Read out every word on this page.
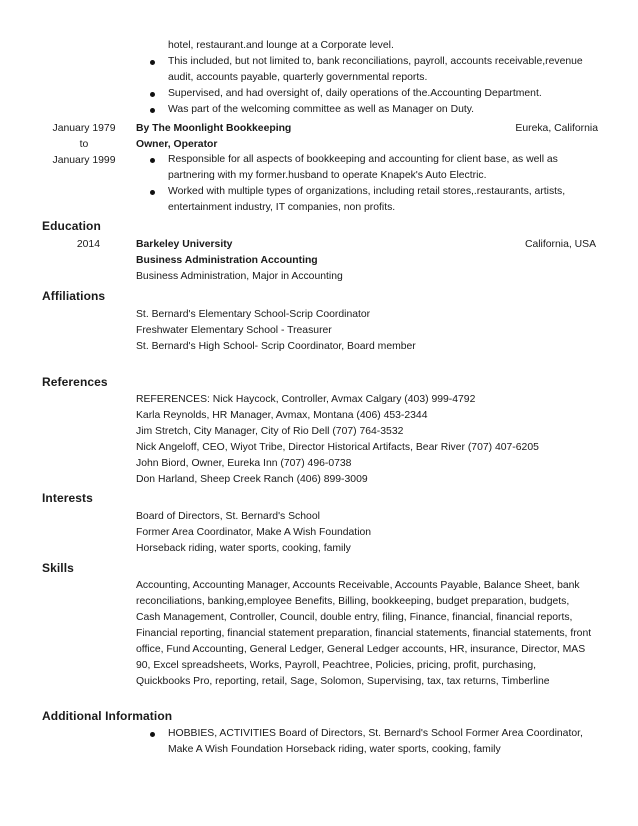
hotel, restaurant.and lounge at a Corporate level.
This included, but not limited to, bank reconciliations, payroll, accounts receivable,revenue audit, accounts payable, quarterly governmental reports.
Supervised, and had oversight of, daily operations of the.Accounting Department.
Was part of the welcoming committee as well as Manager on Duty.
January 1979
to
January 1999
By The Moonlight Bookkeeping	Eureka, California
Owner, Operator
Responsible for all aspects of bookkeeping and accounting for client base, as well as partnering with my former.husband to operate Knapek's Auto Electric.
Worked with multiple types of organizations, including retail stores,.restaurants, artists, entertainment industry, IT companies, non profits.
Education
2014	Barkeley University	California, USA
Business Administration Accounting
Business Administration, Major in Accounting
Affiliations
St. Bernard's Elementary School-Scrip Coordinator
Freshwater Elementary School - Treasurer
St. Bernard's High School- Scrip Coordinator, Board member
References
REFERENCES: Nick Haycock, Controller, Avmax Calgary (403) 999-4792
Karla Reynolds, HR Manager, Avmax, Montana (406) 453-2344
Jim Stretch, City Manager, City of Rio Dell (707) 764-3532
Nick Angeloff, CEO, Wiyot Tribe, Director Historical Artifacts, Bear River (707) 407-6205
John Biord, Owner, Eureka Inn (707) 496-0738
Don Harland, Sheep Creek Ranch (406) 899-3009
Interests
Board of Directors, St. Bernard's School
Former Area Coordinator, Make A Wish Foundation
Horseback riding, water sports, cooking, family
Skills
Accounting, Accounting Manager, Accounts Receivable, Accounts Payable, Balance Sheet, bank reconciliations, banking,employee Benefits, Billing, bookkeeping, budget preparation, budgets, Cash Management, Controller, Council, double entry, filing, Finance, financial, financial reports, Financial reporting, financial statement preparation, financial statements, financial statements, front office, Fund Accounting, General Ledger, General Ledger accounts, HR, insurance, Director, MAS 90, Excel spreadsheets, Works, Payroll, Peachtree, Policies, pricing, profit, purchasing, Quickbooks Pro, reporting, retail, Sage, Solomon, Supervising, tax, tax returns, Timberline
Additional Information
HOBBIES, ACTIVITIES Board of Directors, St. Bernard's School Former Area Coordinator, Make A Wish Foundation Horseback riding, water sports, cooking, family
